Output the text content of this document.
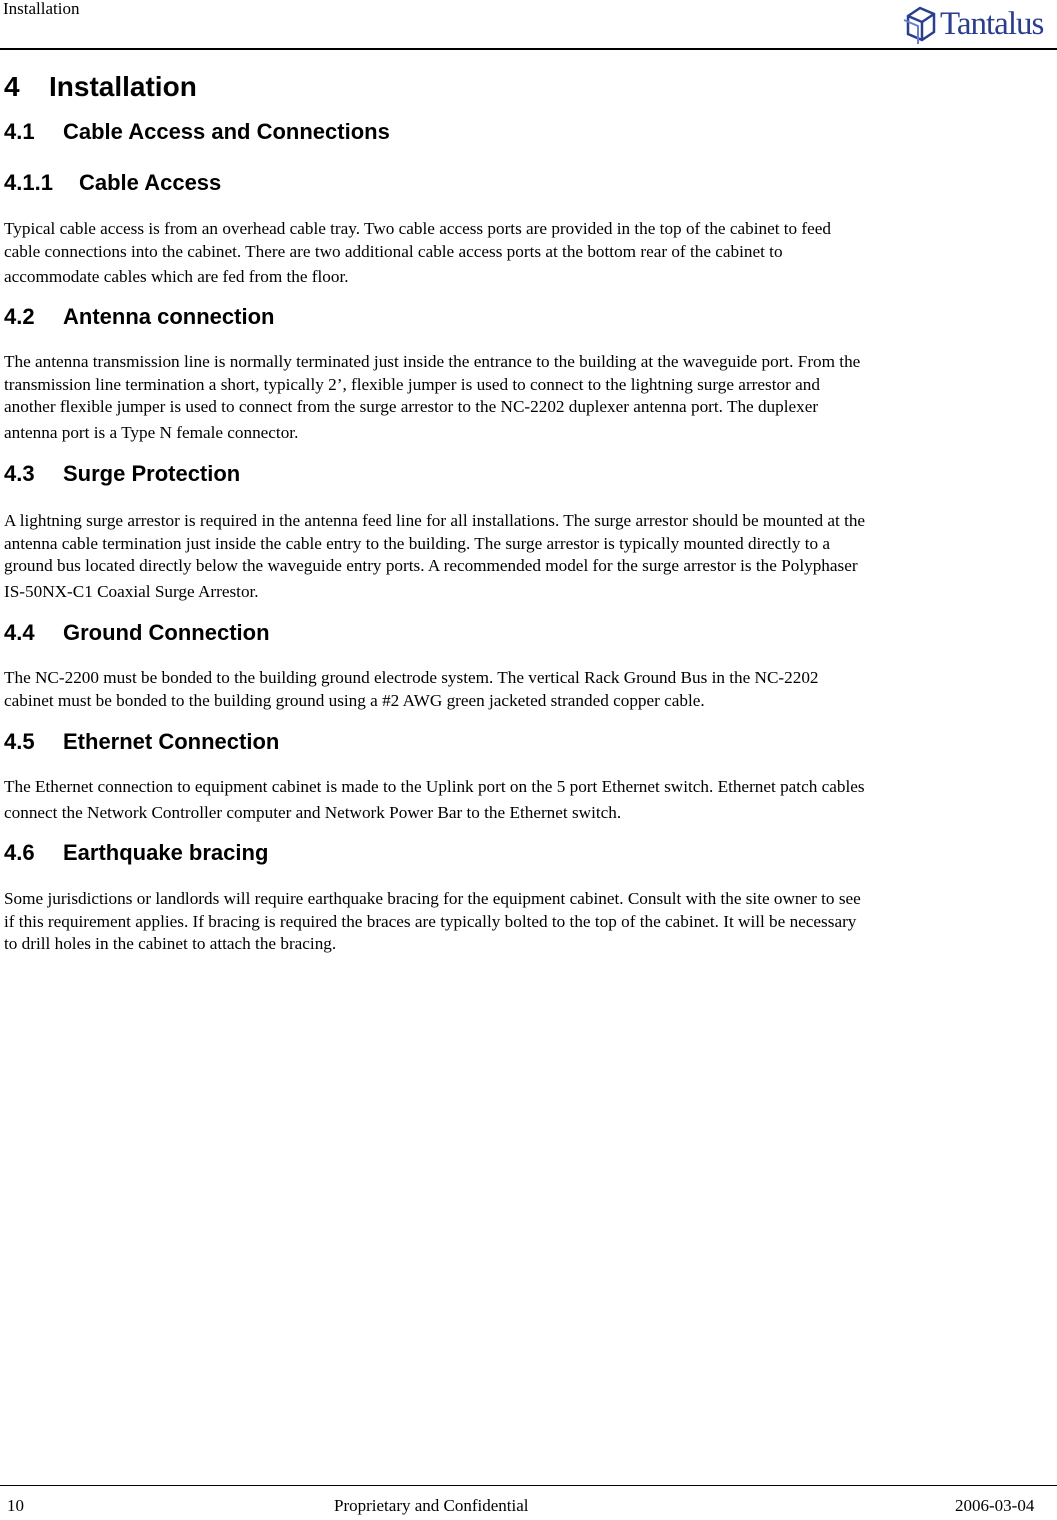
Installation	Tantalus
4 Installation
4.1 Cable Access and Connections
4.1.1 Cable Access
Typical cable access is from an overhead cable tray. Two cable access ports are provided in the top of the cabinet to feed
cable connections into the cabinet. There are two additional cable access ports at the bottom rear of the cabinet to
accommodate cables which are fed from the floor.
4.2 Antenna connection
The antenna transmission line is normally terminated just inside the entrance to the building at the waveguide port. From the
transmission line termination a short, typically 2’, flexible jumper is used to connect to the lightning surge arrestor and
another flexible jumper is used to connect from the surge arrestor to the NC-2202 duplexer antenna port. The duplexer
antenna port is a Type N female connector.
4.3 Surge Protection
A lightning surge arrestor is required in the antenna feed line for all installations. The surge arrestor should be mounted at the
antenna cable termination just inside the cable entry to the building. The surge arrestor is typically mounted directly to a
ground bus located directly below the waveguide entry ports. A recommended model for the surge arrestor is the Polyphaser
IS-50NX-C1 Coaxial Surge Arrestor.
4.4 Ground Connection
The NC-2200 must be bonded to the building ground electrode system. The vertical Rack Ground Bus in the NC-2202
cabinet must be bonded to the building ground using a #2 AWG green jacketed stranded copper cable.
4.5 Ethernet Connection
The Ethernet connection to equipment cabinet is made to the Uplink port on the 5 port Ethernet switch. Ethernet patch cables
connect the Network Controller computer and Network Power Bar to the Ethernet switch.
4.6 Earthquake bracing
Some jurisdictions or landlords will require earthquake bracing for the equipment cabinet. Consult with the site owner to see
if this requirement applies. If bracing is required the braces are typically bolted to the top of the cabinet. It will be necessary
to drill holes in the cabinet to attach the bracing.
10	Proprietary and Confidential	2006-03-04
